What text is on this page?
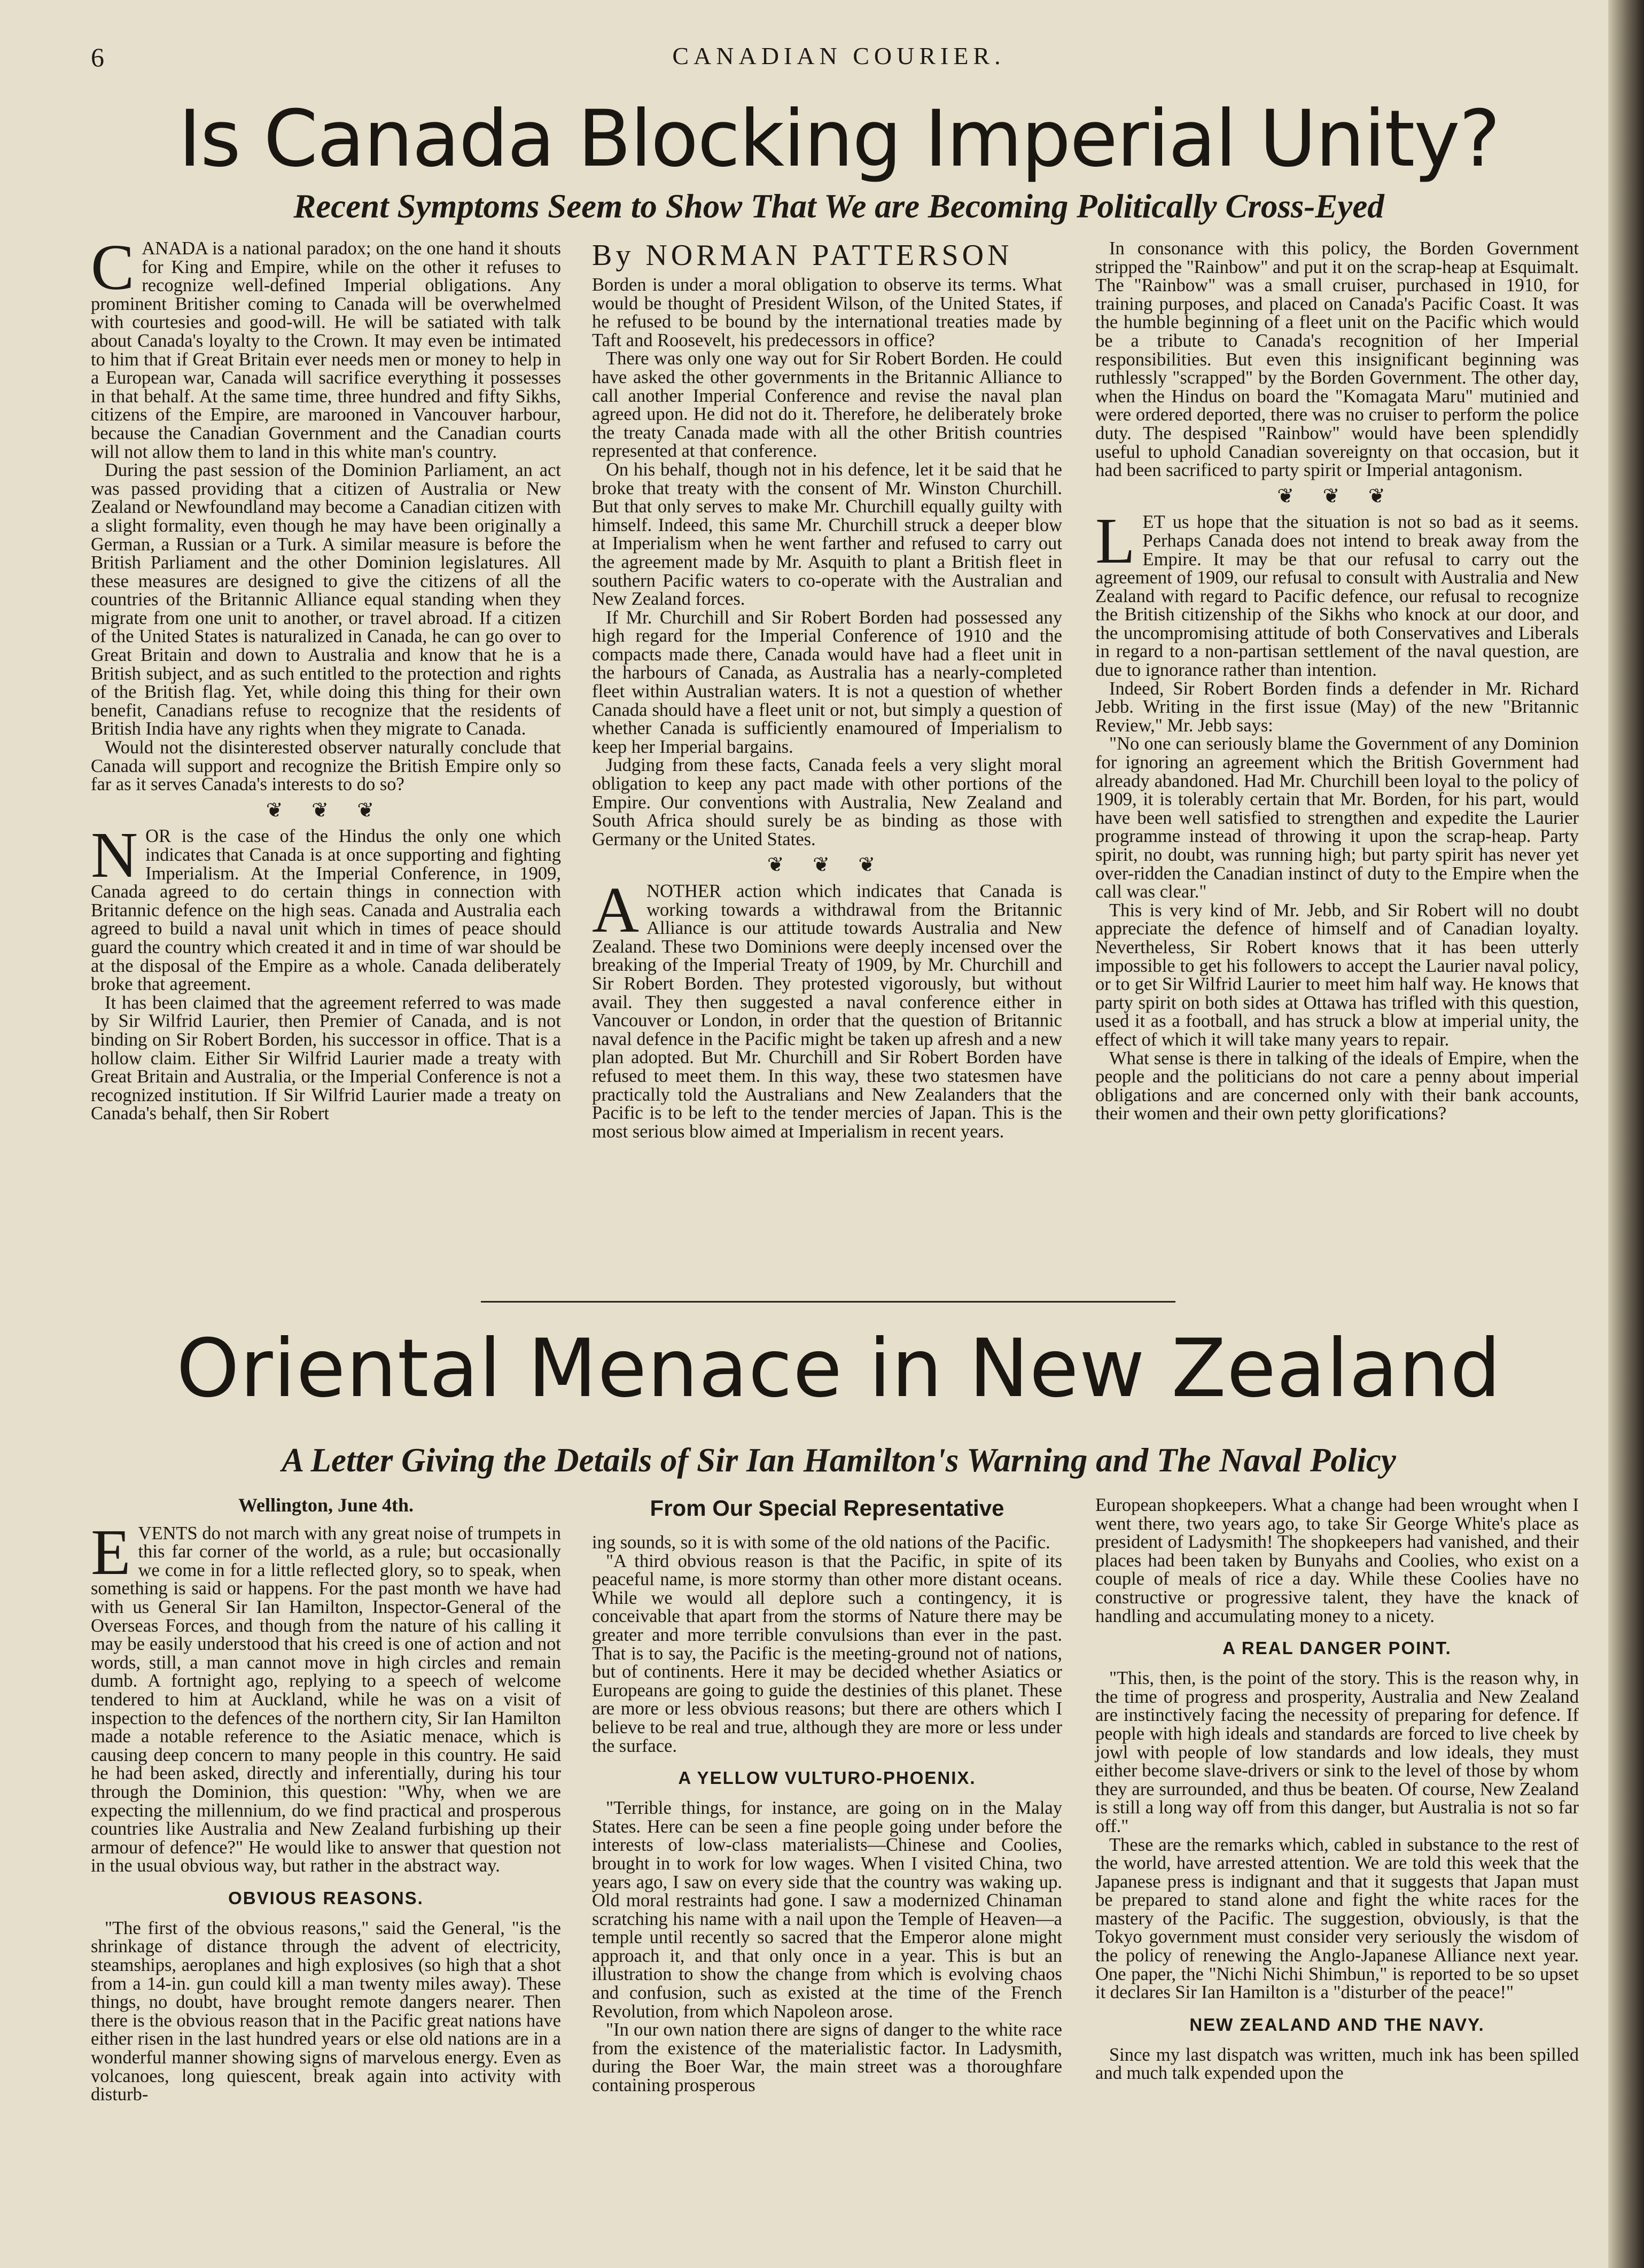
6	CANADIAN COURIER.
Is Canada Blocking Imperial Unity?
Recent Symptoms Seem to Show That We are Becoming Politically Cross-Eyed

CANADA is a national paradox; on the one hand it shouts for King and Empire, while on the other it refuses to recognize well-defined Imperial obligations. Any prominent Britisher coming to Canada will be overwhelmed with courtesies and good-will. He will be satiated with talk about Canada's loyalty to the Crown. It may even be intimated to him that if Great Britain ever needs men or money to help in a European war, Canada will sacrifice everything it possesses in that behalf. At the same time, three hundred and fifty Sikhs, citizens of the Empire, are marooned in Vancouver harbour, because the Canadian Government and the Canadian courts will not allow them to land in this white man's country.

During the past session of the Dominion Parliament, an act was passed providing that a citizen of Australia or New Zealand or Newfoundland may become a Canadian citizen with a slight formality, even though he may have been originally a German, a Russian or a Turk. A similar measure is before the British Parliament and the other Dominion legislatures. All these measures are designed to give the citizens of all the countries of the Britannic Alliance equal standing when they migrate from one unit to another, or travel abroad. If a citizen of the United States is naturalized in Canada, he can go over to Great Britain and down to Australia and know that he is a British subject, and as such entitled to the protection and rights of the British flag. Yet, while doing this thing for their own benefit, Canadians refuse to recognize that the residents of British India have any rights when they migrate to Canada.

Would not the disinterested observer naturally conclude that Canada will support and recognize the British Empire only so far as it serves Canada's interests to do so?

❦ ❦ ❦

NOR is the case of the Hindus the only one which indicates that Canada is at once supporting and fighting Imperialism. At the Imperial Conference, in 1909, Canada agreed to do certain things in connection with Britannic defence on the high seas. Canada and Australia each agreed to build a naval unit which in times of peace should guard the country which created it and in time of war should be at the disposal of the Empire as a whole. Canada deliberately broke that agreement.

It has been claimed that the agreement referred to was made by Sir Wilfrid Laurier, then Premier of Canada, and is not binding on Sir Robert Borden, his successor in office. That is a hollow claim. Either Sir Wilfrid Laurier made a treaty with Great Britain and Australia, or the Imperial Conference is not a recognized institution. If Sir Wilfrid Laurier made a treaty on Canada's behalf, then Sir Robert

By NORMAN PATTERSON

Borden is under a moral obligation to observe its terms. What would be thought of President Wilson, of the United States, if he refused to be bound by the international treaties made by Taft and Roosevelt, his predecessors in office?

There was only one way out for Sir Robert Borden. He could have asked the other governments in the Britannic Alliance to call another Imperial Conference and revise the naval plan agreed upon. He did not do it. Therefore, he deliberately broke the treaty Canada made with all the other British countries represented at that conference.

On his behalf, though not in his defence, let it be said that he broke that treaty with the consent of Mr. Winston Churchill. But that only serves to make Mr. Churchill equally guilty with himself. Indeed, this same Mr. Churchill struck a deeper blow at Imperialism when he went farther and refused to carry out the agreement made by Mr. Asquith to plant a British fleet in southern Pacific waters to co-operate with the Australian and New Zealand forces.

If Mr. Churchill and Sir Robert Borden had possessed any high regard for the Imperial Conference of 1910 and the compacts made there, Canada would have had a fleet unit in the harbours of Canada, as Australia has a nearly-completed fleet within Australian waters. It is not a question of whether Canada should have a fleet unit or not, but simply a question of whether Canada is sufficiently enamoured of Imperialism to keep her Imperial bargains.

Judging from these facts, Canada feels a very slight moral obligation to keep any pact made with other portions of the Empire. Our conventions with Australia, New Zealand and South Africa should surely be as binding as those with Germany or the United States.

❦ ❦ ❦

ANOTHER action which indicates that Canada is working towards a withdrawal from the Britannic Alliance is our attitude towards Australia and New Zealand. These two Dominions were deeply incensed over the breaking of the Imperial Treaty of 1909, by Mr. Churchill and Sir Robert Borden. They protested vigorously, but without avail. They then suggested a naval conference either in Vancouver or London, in order that the question of Britannic naval defence in the Pacific might be taken up afresh and a new plan adopted. But Mr. Churchill and Sir Robert Borden have refused to meet them. In this way, these two statesmen have practically told the Australians and New Zealanders that the Pacific is to be left to the tender mercies of Japan. This is the most serious blow aimed at Imperialism in recent years.

In consonance with this policy, the Borden Government stripped the "Rainbow" and put it on the scrap-heap at Esquimalt. The "Rainbow" was a small cruiser, purchased in 1910, for training purposes, and placed on Canada's Pacific Coast. It was the humble beginning of a fleet unit on the Pacific which would be a tribute to Canada's recognition of her Imperial responsibilities. But even this insignificant beginning was ruthlessly "scrapped" by the Borden Government. The other day, when the Hindus on board the "Komagata Maru" mutinied and were ordered deported, there was no cruiser to perform the police duty. The despised "Rainbow" would have been splendidly useful to uphold Canadian sovereignty on that occasion, but it had been sacrificed to party spirit or Imperial antagonism.

❦ ❦ ❦

LET us hope that the situation is not so bad as it seems. Perhaps Canada does not intend to break away from the Empire. It may be that our refusal to carry out the agreement of 1909, our refusal to consult with Australia and New Zealand with regard to Pacific defence, our refusal to recognize the British citizenship of the Sikhs who knock at our door, and the uncompromising attitude of both Conservatives and Liberals in regard to a non-partisan settlement of the naval question, are due to ignorance rather than intention.

Indeed, Sir Robert Borden finds a defender in Mr. Richard Jebb. Writing in the first issue (May) of the new "Britannic Review," Mr. Jebb says:

"No one can seriously blame the Government of any Dominion for ignoring an agreement which the British Government had already abandoned. Had Mr. Churchill been loyal to the policy of 1909, it is tolerably certain that Mr. Borden, for his part, would have been well satisfied to strengthen and expedite the Laurier programme instead of throwing it upon the scrap-heap. Party spirit, no doubt, was running high; but party spirit has never yet over-ridden the Canadian instinct of duty to the Empire when the call was clear."

This is very kind of Mr. Jebb, and Sir Robert will no doubt appreciate the defence of himself and of Canadian loyalty. Nevertheless, Sir Robert knows that it has been utterly impossible to get his followers to accept the Laurier naval policy, or to get Sir Wilfrid Laurier to meet him half way. He knows that party spirit on both sides at Ottawa has trifled with this question, used it as a football, and has struck a blow at imperial unity, the effect of which it will take many years to repair.

What sense is there in talking of the ideals of Empire, when the people and the politicians do not care a penny about imperial obligations and are concerned only with their bank accounts, their women and their own petty glorifications?

Oriental Menace in New Zealand
A Letter Giving the Details of Sir Ian Hamilton's Warning and The Naval Policy
Wellington, June 4th.

EVENTS do not march with any great noise of trumpets in this far corner of the world, as a rule; but occasionally we come in for a little reflected glory, so to speak, when something is said or happens. For the past month we have had with us General Sir Ian Hamilton, Inspector-General of the Overseas Forces, and though from the nature of his calling it may be easily understood that his creed is one of action and not words, still, a man cannot move in high circles and remain dumb. A fortnight ago, replying to a speech of welcome tendered to him at Auckland, while he was on a visit of inspection to the defences of the northern city, Sir Ian Hamilton made a notable reference to the Asiatic menace, which is causing deep concern to many people in this country. He said he had been asked, directly and inferentially, during his tour through the Dominion, this question: "Why, when we are expecting the millennium, do we find practical and prosperous countries like Australia and New Zealand furbishing up their armour of defence?" He would like to answer that question not in the usual obvious way, but rather in the abstract way.

OBVIOUS REASONS.

"The first of the obvious reasons," said the General, "is the shrinkage of distance through the advent of electricity, steamships, aeroplanes and high explosives (so high that a shot from a 14-in. gun could kill a man twenty miles away). These things, no doubt, have brought remote dangers nearer. Then there is the obvious reason that in the Pacific great nations have either risen in the last hundred years or else old nations are in a wonderful manner showing signs of marvelous energy. Even as volcanoes, long quiescent, break again into activity with disturb-

From Our Special Representative

ing sounds, so it is with some of the old nations of the Pacific.

"A third obvious reason is that the Pacific, in spite of its peaceful name, is more stormy than other more distant oceans. While we would all deplore such a contingency, it is conceivable that apart from the storms of Nature there may be greater and more terrible convulsions than ever in the past. That is to say, the Pacific is the meeting-ground not of nations, but of continents. Here it may be decided whether Asiatics or Europeans are going to guide the destinies of this planet. These are more or less obvious reasons; but there are others which I believe to be real and true, although they are more or less under the surface.

A YELLOW VULTURO-PHOENIX.

"Terrible things, for instance, are going on in the Malay States. Here can be seen a fine people going under before the interests of low-class materialists—Chinese and Coolies, brought in to work for low wages. When I visited China, two years ago, I saw on every side that the country was waking up. Old moral restraints had gone. I saw a modernized Chinaman scratching his name with a nail upon the Temple of Heaven—a temple until recently so sacred that the Emperor alone might approach it, and that only once in a year. This is but an illustration to show the change from which is evolving chaos and confusion, such as existed at the time of the French Revolution, from which Napoleon arose.

"In our own nation there are signs of danger to the white race from the existence of the materialistic factor. In Ladysmith, during the Boer War, the main street was a thoroughfare containing prosperous

European shopkeepers. What a change had been wrought when I went there, two years ago, to take Sir George White's place as president of Ladysmith! The shopkeepers had vanished, and their places had been taken by Bunyahs and Coolies, who exist on a couple of meals of rice a day. While these Coolies have no constructive or progressive talent, they have the knack of handling and accumulating money to a nicety.

A REAL DANGER POINT.

"This, then, is the point of the story. This is the reason why, in the time of progress and prosperity, Australia and New Zealand are instinctively facing the necessity of preparing for defence. If people with high ideals and standards are forced to live cheek by jowl with people of low standards and low ideals, they must either become slave-drivers or sink to the level of those by whom they are surrounded, and thus be beaten. Of course, New Zealand is still a long way off from this danger, but Australia is not so far off."

These are the remarks which, cabled in substance to the rest of the world, have arrested attention. We are told this week that the Japanese press is indignant and that it suggests that Japan must be prepared to stand alone and fight the white races for the mastery of the Pacific. The suggestion, obviously, is that the Tokyo government must consider very seriously the wisdom of the policy of renewing the Anglo-Japanese Alliance next year. One paper, the "Nichi Nichi Shimbun," is reported to be so upset it declares Sir Ian Hamilton is a "disturber of the peace!"

NEW ZEALAND AND THE NAVY.

Since my last dispatch was written, much ink has been spilled and much talk expended upon the
